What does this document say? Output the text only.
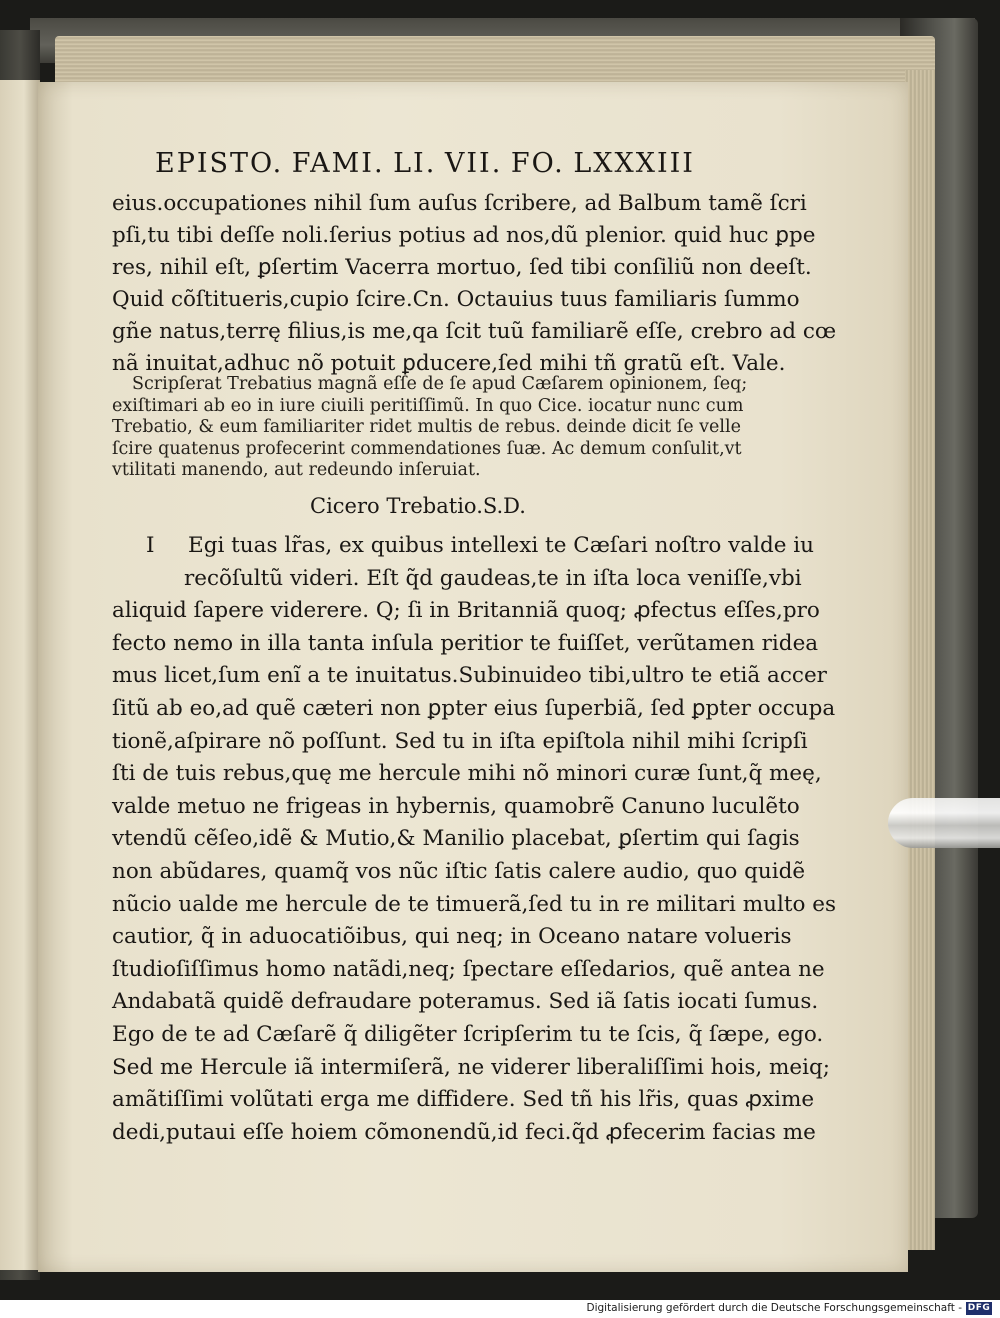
EPISTO. FAMI. LI. VII. FO. LXXXIII
eius.occupationes nihil ſum auſus ſcribere, ad Balbum tamẽ ſcri
pſi,tu tibi deſſe noli.ſerius potius ad nos,dũ plenior. quid huc ꝑpe
res, nihil eſt, ꝑſertim Vacerra mortuo, ſed tibi conſiliũ non deeſt.
Quid cõſtitueris,cupio ſcire.Cn. Octauius tuus familiaris ſummo
gñe natus,terrę filius,is me,qa ſcit tuũ familiarẽ eſſe, crebro ad cœ
nã inuitat,adhuc nõ potuit ꝑducere,ſed mihi tñ gratũ eſt. Vale.
Scripſerat Trebatius magnã eſſe de ſe apud Cæſarem opinionem, ſeq;
exiſtimari ab eo in iure ciuili peritiſſimũ. In quo Cice. iocatur nunc cum
Trebatio, & eum familiariter ridet multis de rebus. deinde dicit ſe velle
ſcire quatenus profecerint commendationes ſuæ. Ac demum conſulit,vt
vtilitati manendo, aut redeundo inſeruiat.
Cicero Trebatio.S.D.
I Egi tuas lr̃as, ex quibus intellexi te Cæſari noſtro valde iu
recõſultũ videri. Eſt q̃d gaudeas,te in iſta loca veniſſe,vbi
aliquid ſapere viderere. Q; ſi in Britanniã quoq; ꝓfectus eſſes,pro
fecto nemo in illa tanta inſula peritior te fuiſſet, verũtamen ridea
mus licet,ſum enĩ a te inuitatus.Subinuideo tibi,ultro te etiã accer
ſitũ ab eo,ad quẽ cæteri non ꝑpter eius ſuperbiã, ſed ꝑpter occupa
tionẽ,aſpirare nõ poſſunt. Sed tu in iſta epiſtola nihil mihi ſcripſi
ſti de tuis rebus,quę me hercule mihi nõ minori curæ ſunt,q̃ meę,
valde metuo ne frigeas in hybernis, quamobrẽ Canuno luculẽto
vtendũ cẽſeo,idẽ & Mutio,& Manilio placebat, ꝑſertim qui ſagis
non abũdares, quamq̃ vos nũc iſtic ſatis calere audio, quo quidẽ
nũcio ualde me hercule de te timuerã,ſed tu in re militari multo es
cautior, q̃ in aduocatiõibus, qui neq; in Oceano natare volueris
ſtudioſiſſimus homo natãdi,neq; ſpectare eſſedarios, quẽ antea ne
Andabatã quidẽ defraudare poteramus. Sed iã ſatis iocati ſumus.
Ego de te ad Cæſarẽ q̃ diligẽter ſcripſerim tu te ſcis, q̃ ſæpe, ego.
Sed me Hercule iã intermiſerã, ne viderer liberaliſſimi hois, meiq;
amãtiſſimi volũtati erga me diffidere. Sed tñ his lr̃is, quas ꝓxime
dedi,putaui eſſe hoiem cõmonendũ,id feci.q̃d ꝓfecerim facias me
Digitalisierung gefördert durch die Deutsche Forschungsgemeinschaft - DFG
